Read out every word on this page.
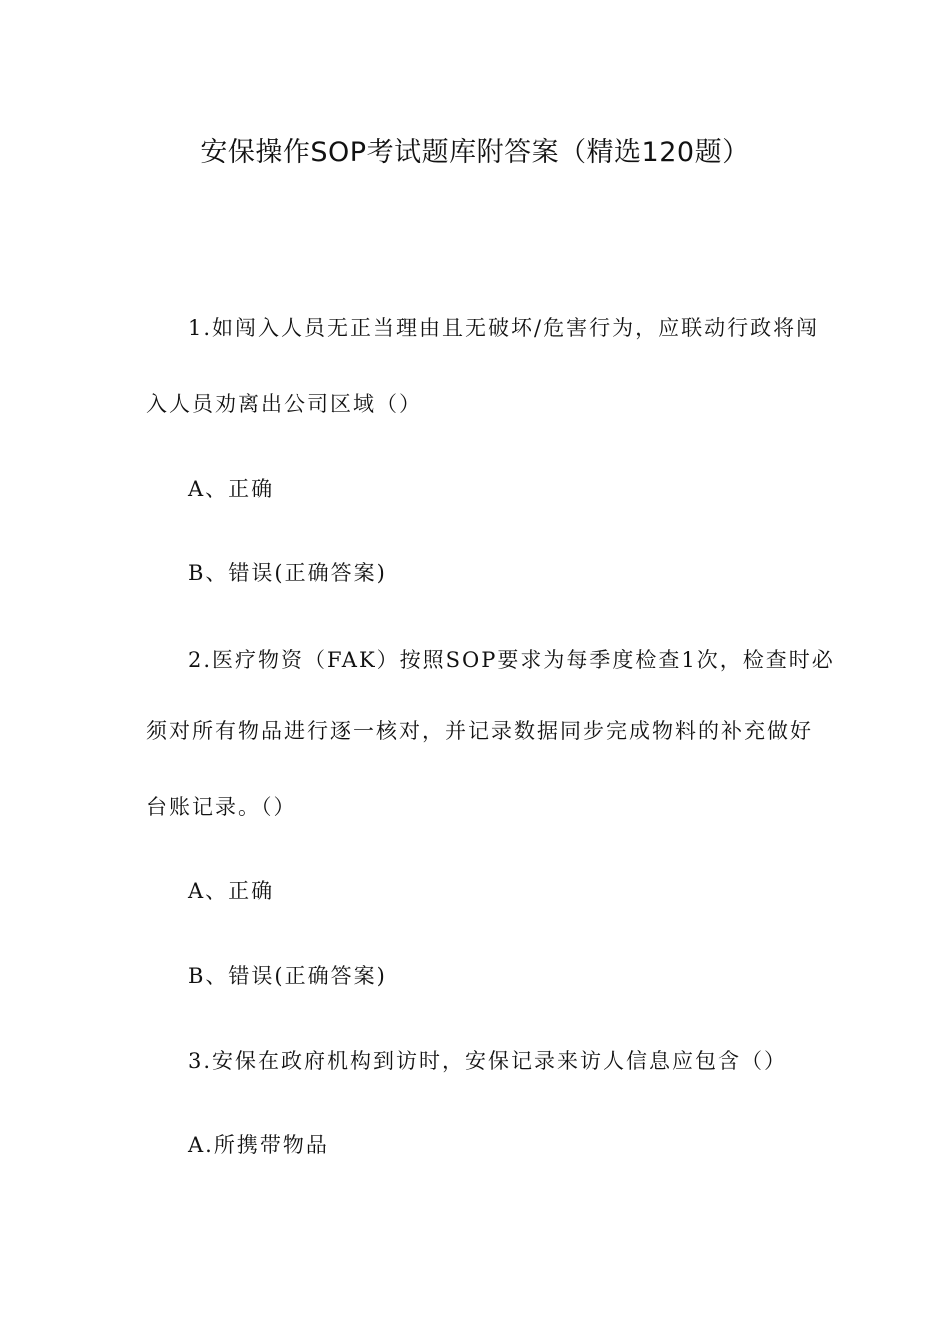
安保操作SOP考试题库附答案（精选120题）
1.如闯入人员无正当理由且无破坏/危害行为，应联动行政将闯
入人员劝离出公司区域（）
A、正确
B、错误(正确答案)
2.医疗物资（FAK）按照SOP要求为每季度检查1次，检查时必
须对所有物品进行逐一核对，并记录数据同步完成物料的补充做好
台账记录。（）
A、正确
B、错误(正确答案)
3.安保在政府机构到访时，安保记录来访人信息应包含（）
A.所携带物品
